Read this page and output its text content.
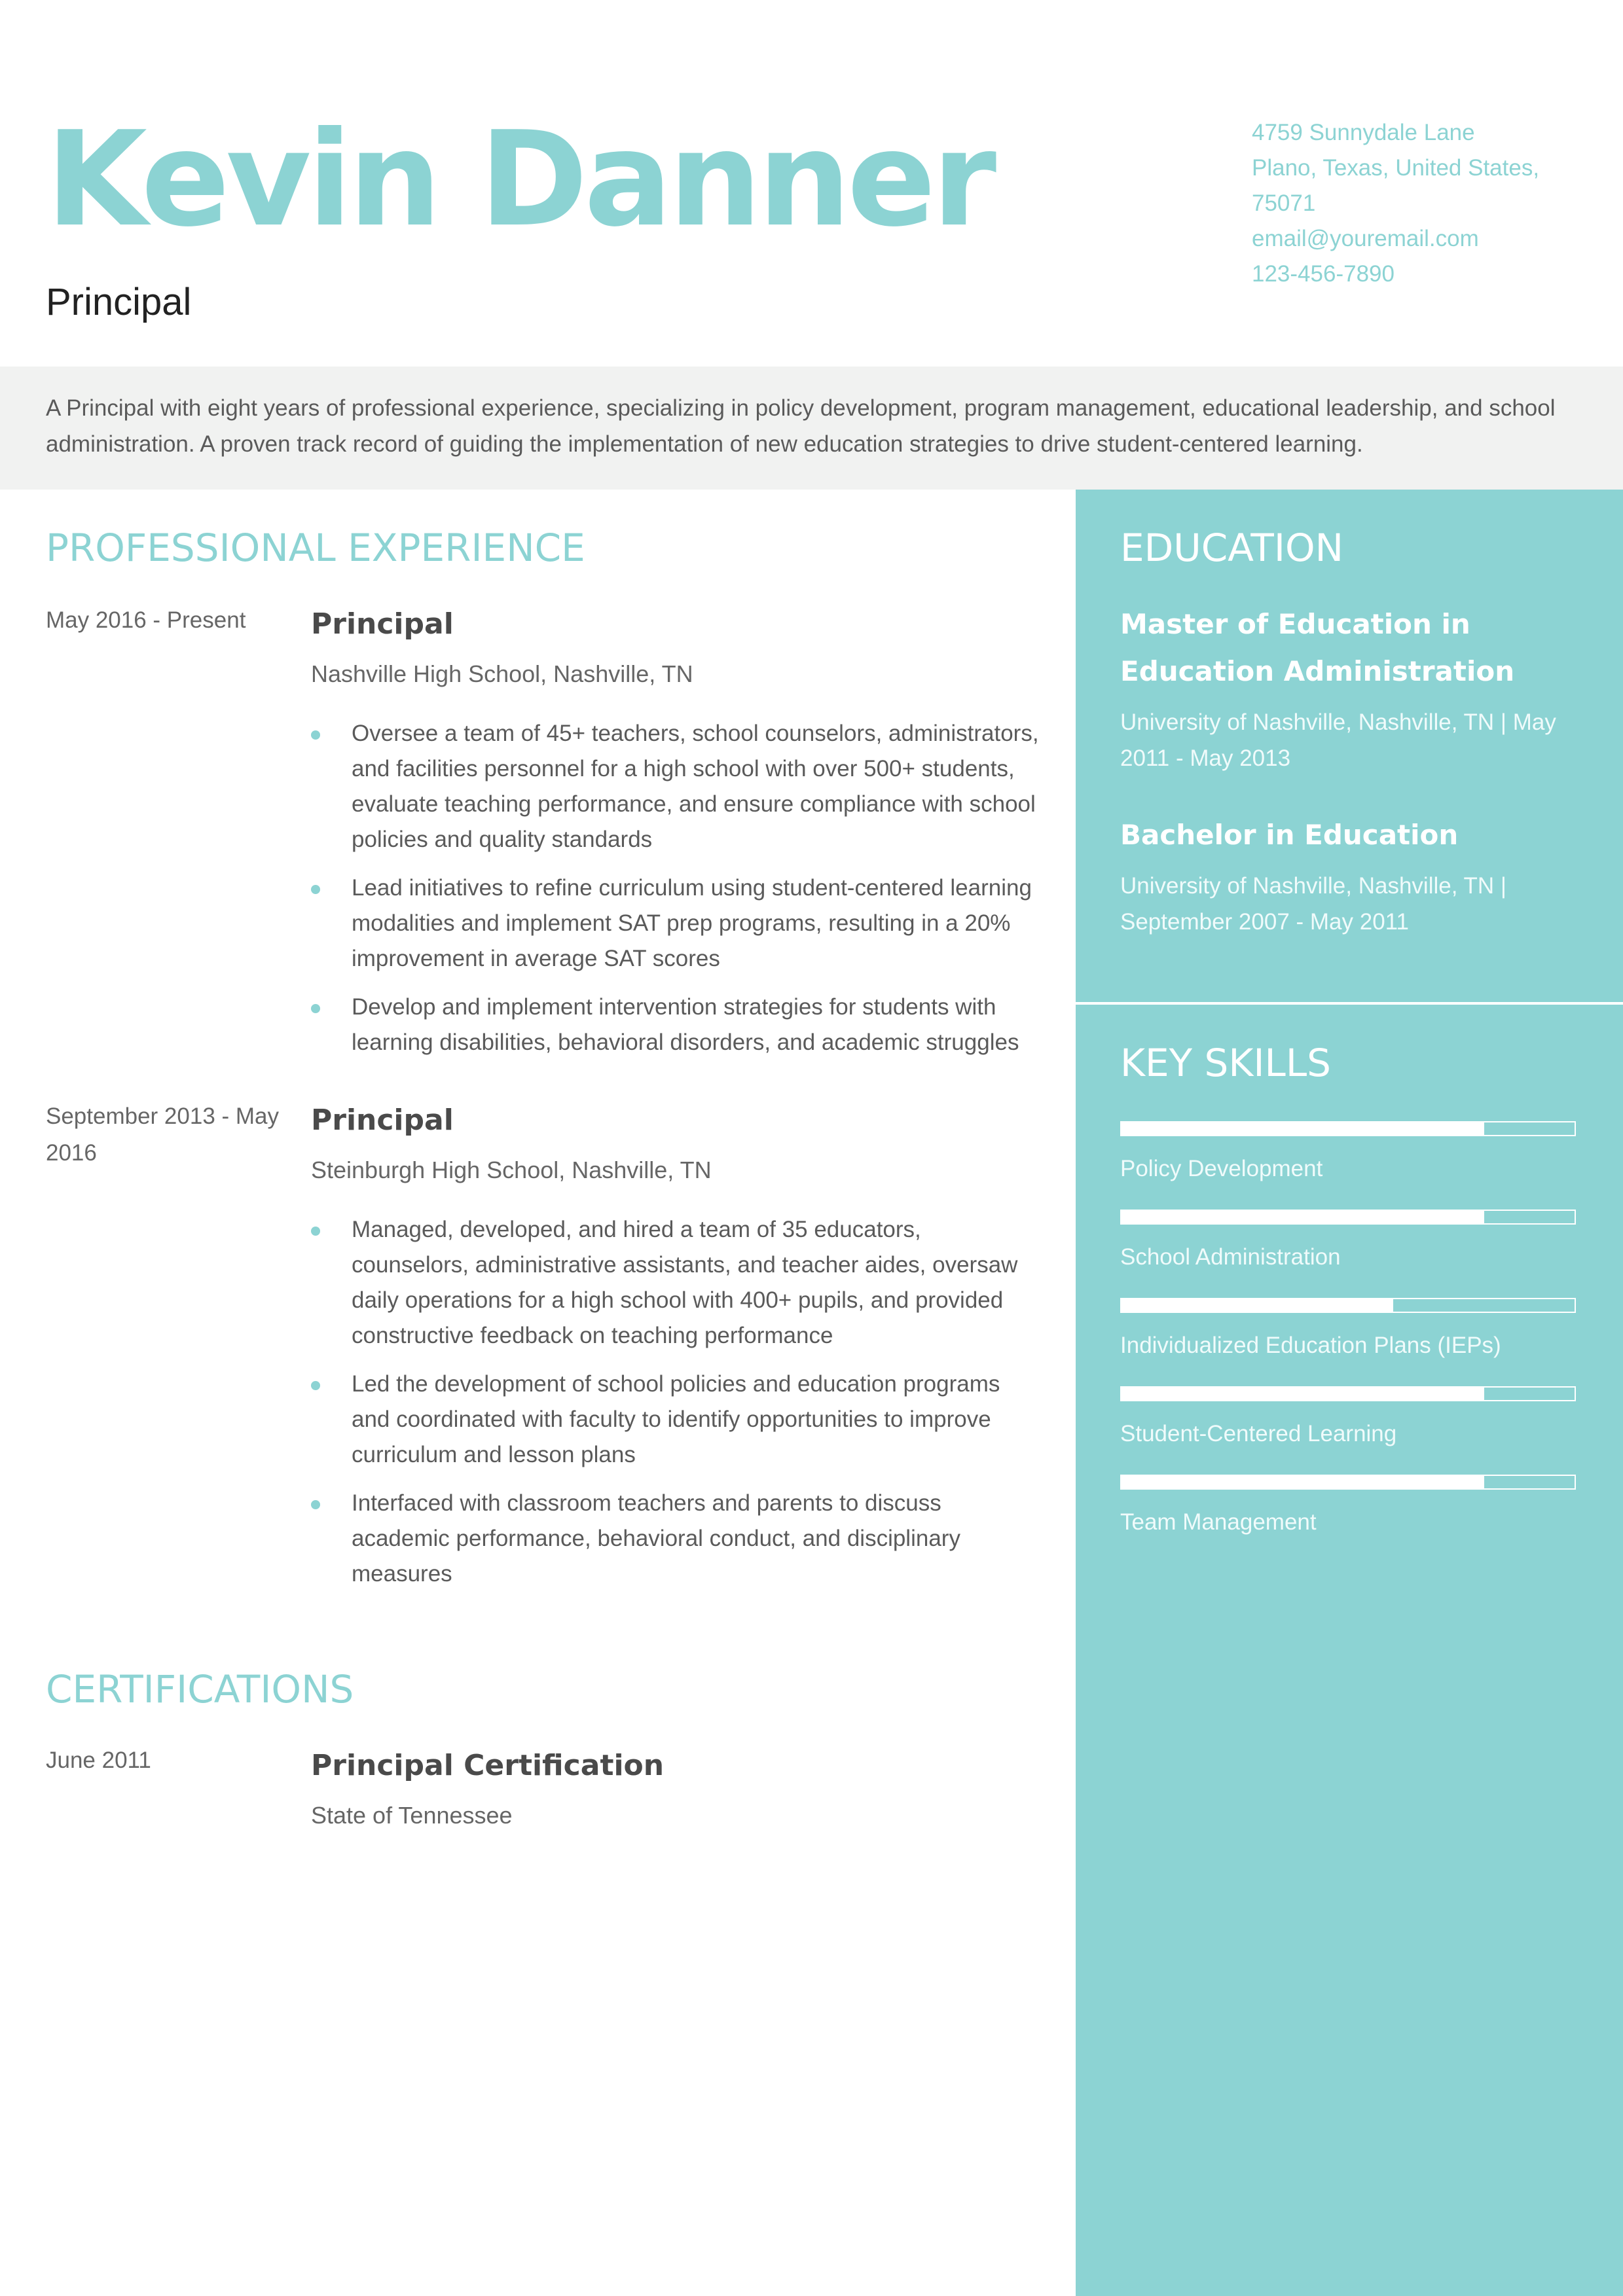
Kevin Danner
Principal
4759 Sunnydale Lane
Plano, Texas, United States,
75071
email@youremail.com
123-456-7890
A Principal with eight years of professional experience, specializing in policy development, program management, educational leadership, and school administration. A proven track record of guiding the implementation of new education strategies to drive student-centered learning.
PROFESSIONAL EXPERIENCE
May 2016 - Present	Principal
Nashville High School, Nashville, TN
Oversee a team of 45+ teachers, school counselors, administrators, and facilities personnel for a high school with over 500+ students, evaluate teaching performance, and ensure compliance with school policies and quality standards
Lead initiatives to refine curriculum using student-centered learning modalities and implement SAT prep programs, resulting in a 20% improvement in average SAT scores
Develop and implement intervention strategies for students with learning disabilities, behavioral disorders, and academic struggles
September 2013 - May 2016
Principal
Steinburgh High School, Nashville, TN
Managed, developed, and hired a team of 35 educators, counselors, administrative assistants, and teacher aides, oversaw daily operations for a high school with 400+ pupils, and provided constructive feedback on teaching performance
Led the development of school policies and education programs and coordinated with faculty to identify opportunities to improve curriculum and lesson plans
Interfaced with classroom teachers and parents to discuss academic performance, behavioral conduct, and disciplinary measures
CERTIFICATIONS
June 2011	Principal Certification
State of Tennessee
EDUCATION
Master of Education in Education Administration
University of Nashville, Nashville, TN | May 2011 - May 2013
Bachelor in Education
University of Nashville, Nashville, TN | September 2007 - May 2011
KEY SKILLS
Policy Development
School Administration
Individualized Education Plans (IEPs)
Student-Centered Learning
Team Management
